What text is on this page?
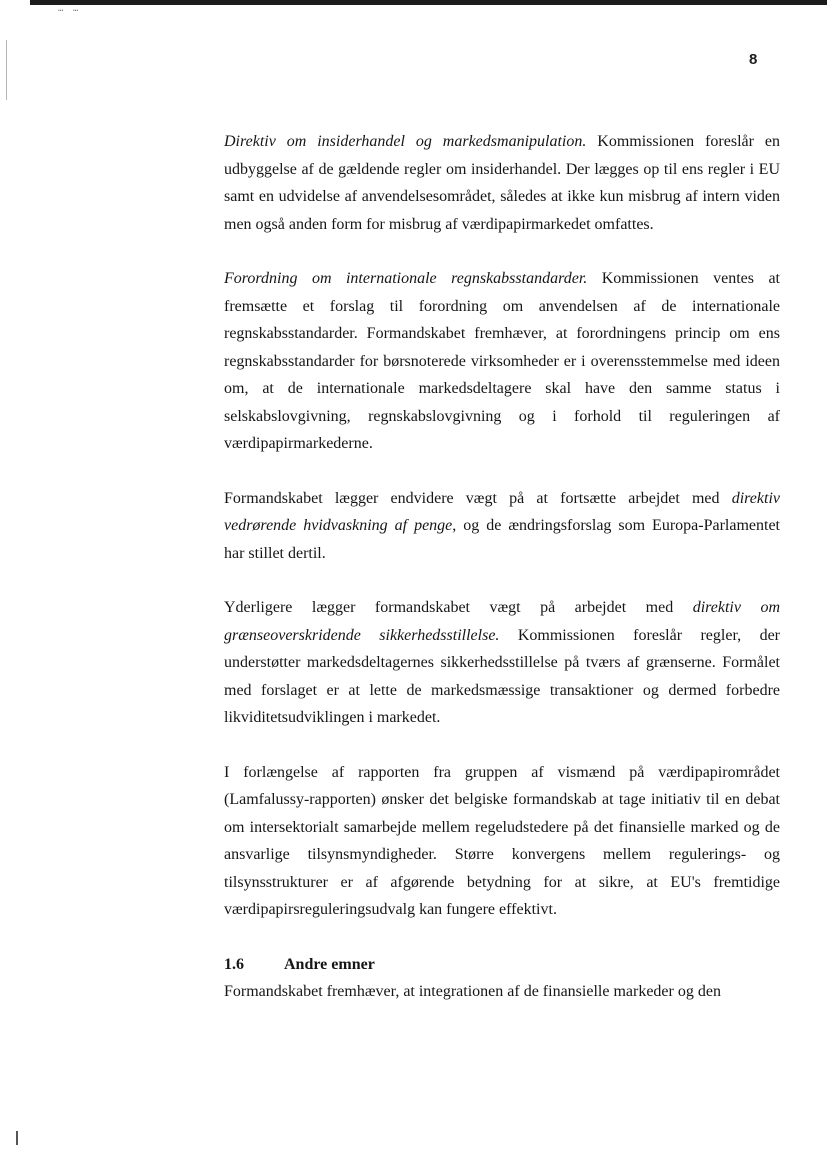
… …
8

Direktiv om insiderhandel og markedsmanipulation. Kommissionen foreslår en udbyggelse af de gældende regler om insiderhandel. Der lægges op til ens regler i EU samt en udvidelse af anvendelsesområdet, således at ikke kun misbrug af intern viden men også anden form for misbrug af værdipapirmarkedet omfattes.

Forordning om internationale regnskabsstandarder. Kommissionen ventes at fremsætte et forslag til forordning om anvendelsen af de internationale regnskabsstandarder. Formandskabet fremhæver, at forordningens princip om ens regnskabsstandarder for børsnoterede virksomheder er i overensstemmelse med ideen om, at de internationale markedsdeltagere skal have den samme status i selskabslovgivning, regnskabslovgivning og i forhold til reguleringen af værdipapirmarkederne.

Formandskabet lægger endvidere vægt på at fortsætte arbejdet med direktiv vedrørende hvidvaskning af penge, og de ændringsforslag som Europa-Parlamentet har stillet dertil.

Yderligere lægger formandskabet vægt på arbejdet med direktiv om grænseoverskridende sikkerhedsstillelse. Kommissionen foreslår regler, der understøtter markedsdeltagernes sikkerhedsstillelse på tværs af grænserne. Formålet med forslaget er at lette de markedsmæssige transaktioner og dermed forbedre likviditetsudviklingen i markedet.

I forlængelse af rapporten fra gruppen af vismænd på værdipapirområdet (Lamfalussy-rapporten) ønsker det belgiske formandskab at tage initiativ til en debat om intersektorialt samarbejde mellem regeludstedere på det finansielle marked og de ansvarlige tilsynsmyndigheder. Større konvergens mellem regulerings- og tilsynsstrukturer er af afgørende betydning for at sikre, at EU's fremtidige værdipapirsreguleringsudvalg kan fungere effektivt.

1.6	Andre emner

Formandskabet fremhæver, at integrationen af de finansielle markeder og den
